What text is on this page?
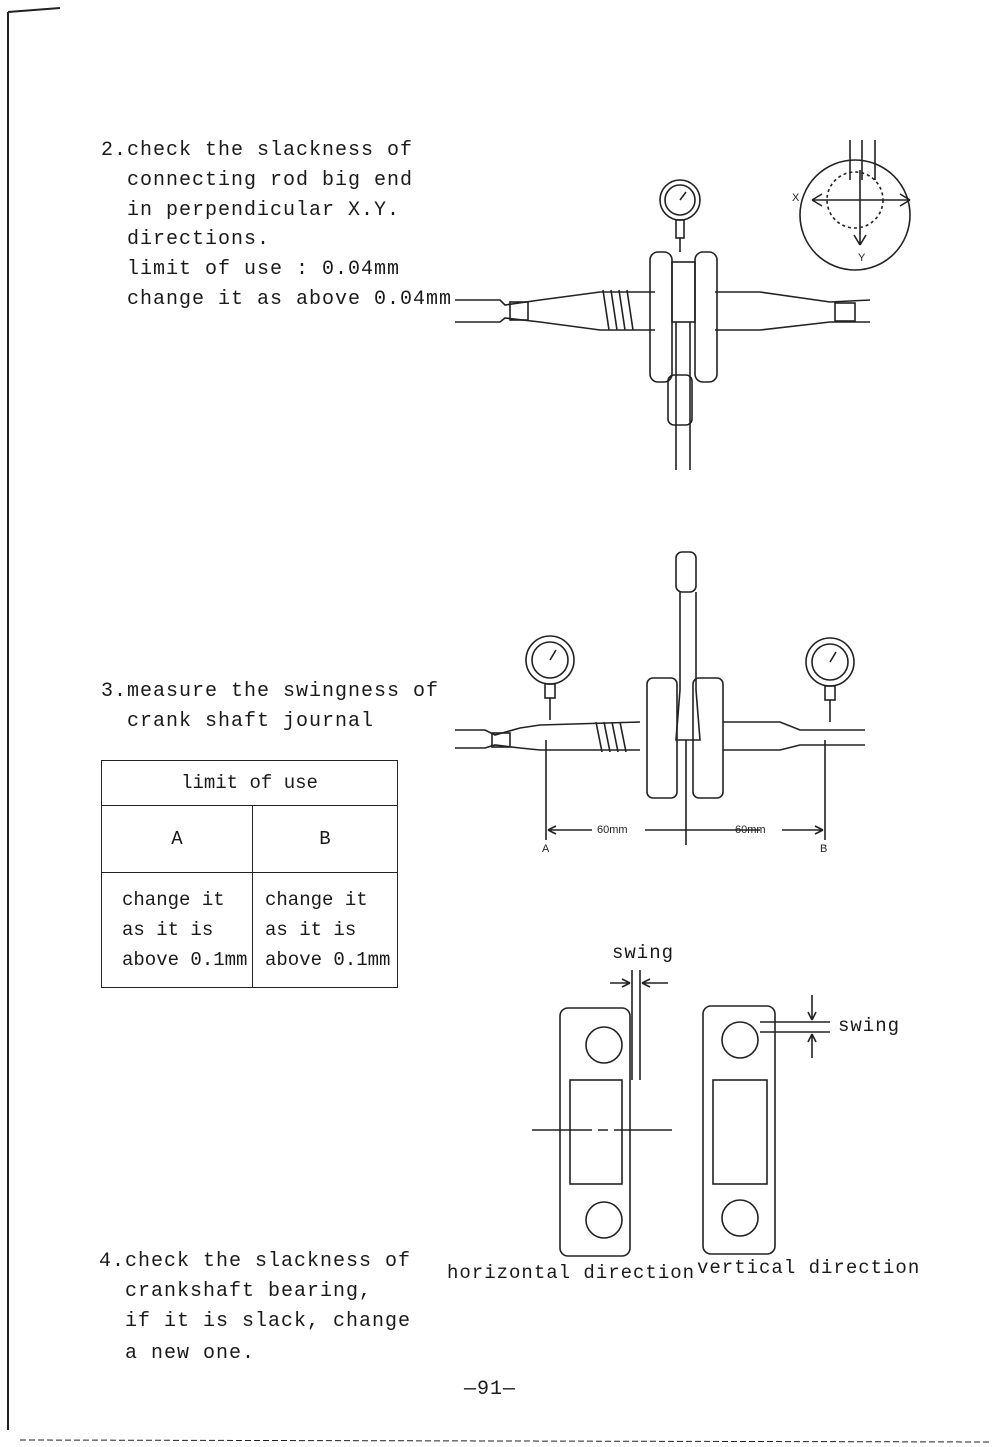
2.check the slackness of
connecting rod big end
in perpendicular X.Y.
directions.
limit of use : 0.04mm
change it as above 0.04mm
X
Y
3.measure the swingness of
crank shaft journal
limit of use	
A	B
change it
as it is
above 0.1mm	change it
as it is
above 0.1mm
60mm	60mm
A	B
swing
swing
horizontal direction vertical direction
4.check the slackness of
crankshaft bearing,
if it is slack, change
a new one.
—91—
